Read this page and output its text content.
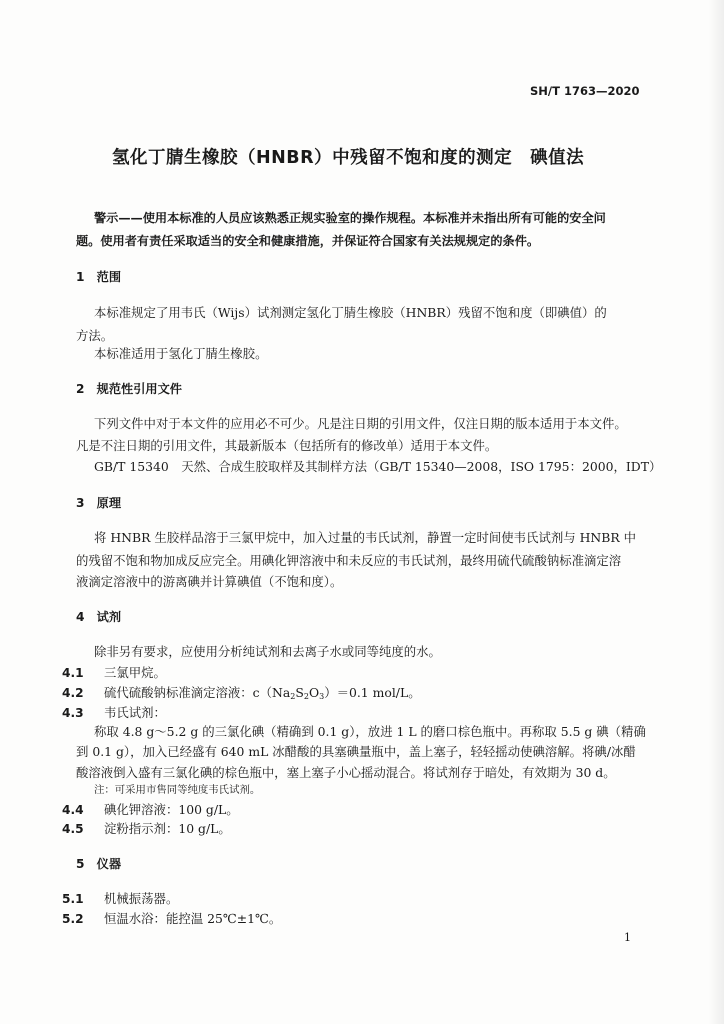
SH/T 1763—2020
氢化丁腈生橡胶（HNBR）中残留不饱和度的测定　碘值法
警示——使用本标准的人员应该熟悉正规实验室的操作规程。本标准并未指出所有可能的安全问
题。使用者有责任采取适当的安全和健康措施，并保证符合国家有关法规规定的条件。
1　范围
本标准规定了用韦氏（Wijs）试剂测定氢化丁腈生橡胶（HNBR）残留不饱和度（即碘值）的
方法。
本标准适用于氢化丁腈生橡胶。
2　规范性引用文件
下列文件中对于本文件的应用必不可少。凡是注日期的引用文件，仅注日期的版本适用于本文件。
凡是不注日期的引用文件，其最新版本（包括所有的修改单）适用于本文件。
GB/T 15340　天然、合成生胶取样及其制样方法（GB/T 15340—2008，ISO 1795：2000，IDT）
3　原理
将 HNBR 生胶样品溶于三氯甲烷中，加入过量的韦氏试剂，静置一定时间使韦氏试剂与 HNBR 中
的残留不饱和物加成反应完全。用碘化钾溶液中和未反应的韦氏试剂，最终用硫代硫酸钠标准滴定溶
液滴定溶液中的游离碘并计算碘值（不饱和度）。
4　试剂
除非另有要求，应使用分析纯试剂和去离子水或同等纯度的水。
4.1 三氯甲烷。
4.2 硫代硫酸钠标准滴定溶液：$c(Na_2S_2O_3)=0.1$ mol/L。
4.3 韦氏试剂：
称取 4.8 g～5.2 g 的三氯化碘（精确到 0.1 g），放进 1 L 的磨口棕色瓶中。再称取 5.5 g 碘（精确
到 0.1 g），加入已经盛有 640 mL 冰醋酸的具塞碘量瓶中，盖上塞子，轻轻摇动使碘溶解。将碘/冰醋
酸溶液倒入盛有三氯化碘的棕色瓶中，塞上塞子小心摇动混合。将试剂存于暗处，有效期为 30 d。
注：可采用市售同等纯度韦氏试剂。
4.4 碘化钾溶液：100 g/L。
4.5 淀粉指示剂：10 g/L。
5　仪器
5.1 机械振荡器。
5.2 恒温水浴：能控温 25℃±1℃。
1
